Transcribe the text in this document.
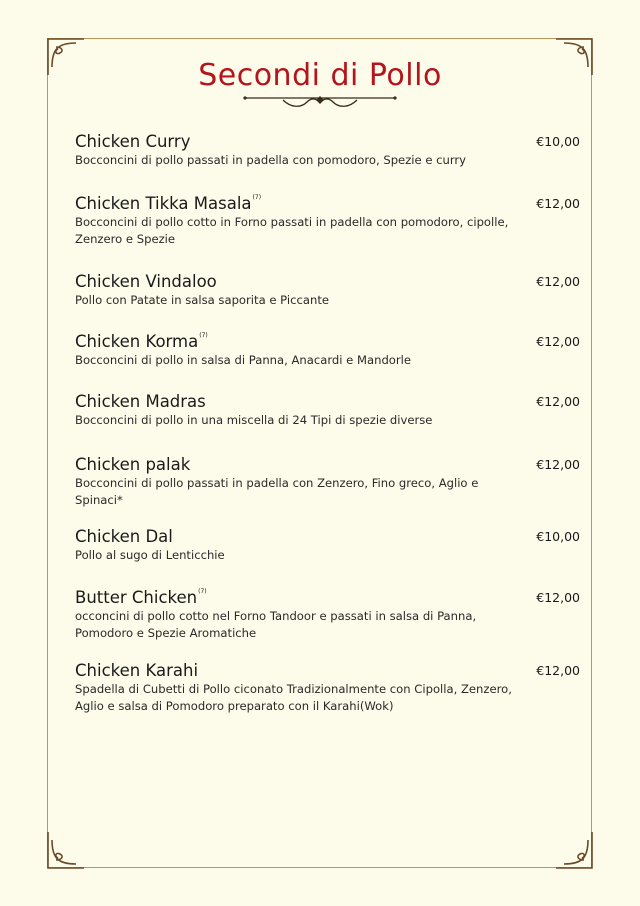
Secondi di Pollo
Chicken Curry
Bocconcini di pollo passati in padella con pomodoro, Spezie e curry
€10,00
Chicken Tikka Masala$^{(7)}$
Bocconcini di pollo cotto in Forno passati in padella con pomodoro, cipolle, Zenzero e Spezie
€12,00
Chicken Vindaloo
Pollo con Patate in salsa saporita e Piccante
€12,00
Chicken Korma$^{(7)}$
Bocconcini di pollo in salsa di Panna, Anacardi e Mandorle
€12,00
Chicken Madras
Bocconcini di pollo in una miscella di 24 Tipi di spezie diverse
€12,00
Chicken palak
Bocconcini di pollo passati in padella con Zenzero, Fino greco, Aglio e Spinaci*
€12,00
Chicken Dal
Pollo al sugo di Lenticchie
€10,00
Butter Chicken$^{(7)}$
occoncini di pollo cotto nel Forno Tandoor e passati in salsa di Panna, Pomodoro e Spezie Aromatiche
€12,00
Chicken Karahi
Spadella di Cubetti di Pollo ciconato Tradizionalmente con Cipolla, Zenzero, Aglio e salsa di Pomodoro preparato con il Karahi(Wok)
€12,00
